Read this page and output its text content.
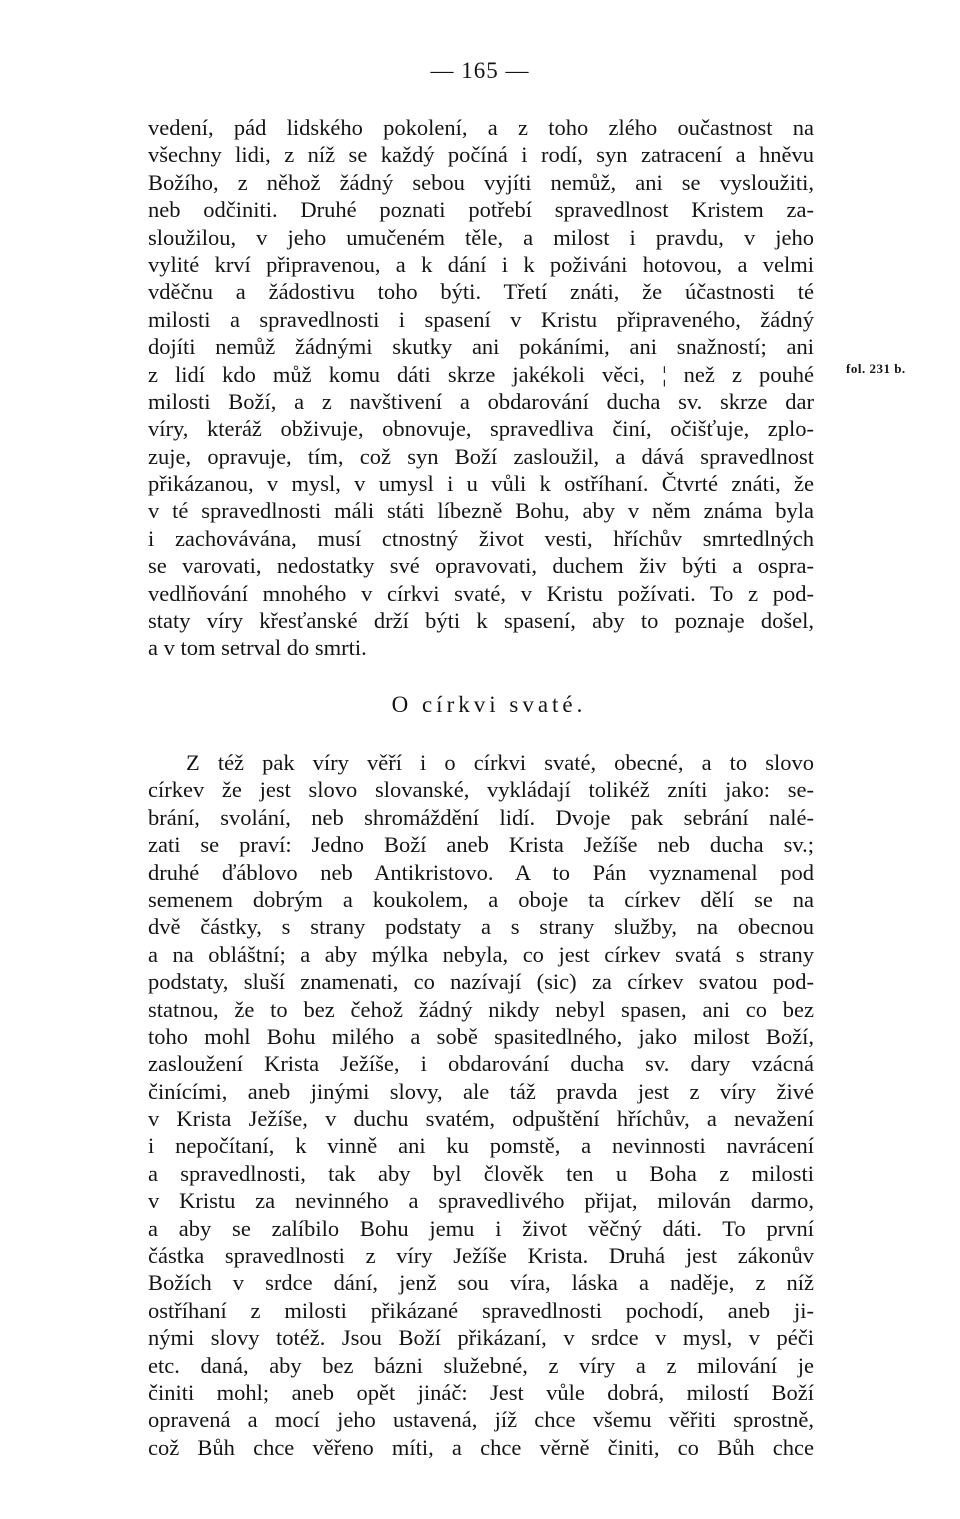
— 165 —
vedení, pád lidského pokolení, a z toho zlého oučastnost na
všechny lidi, z níž se každý počíná i rodí, syn zatracení a hněvu
Božího, z něhož žádný sebou vyjíti nemůž, ani se vysloužiti,
neb odčiniti. Druhé poznati potřebí spravedlnost Kristem za-
sloužilou, v jeho umučeném těle, a milost i pravdu, v jeho
vylité krví připravenou, a k dání i k poživáni hotovou, a velmi
vděčnu a žádostivu toho býti. Třetí znáti, že účastnosti té
milosti a spravedlnosti i spasení v Kristu připraveného, žádný
dojíti nemůž žádnými skutky ani pokáními, ani snažností; ani
z lidí kdo můž komu dáti skrze jakékoli věci, ¦ než z pouhé
milosti Boží, a z navštivení a obdarování ducha sv. skrze dar
víry, kteráž obživuje, obnovuje, spravedliva činí, očišťuje, zplo-
zuje, opravuje, tím, což syn Boží zasloužil, a dává spravedlnost
přikázanou, v mysl, v umysl i u vůli k ostříhaní. Čtvrté znáti, že
v té spravedlnosti máli státi líbezně Bohu, aby v něm známa byla
i zachovávána, musí ctnostný život vesti, hříchův smrtedlných
se varovati, nedostatky své opravovati, duchem živ býti a ospra-
vedlňování mnohého v církvi svaté, v Kristu požívati. To z pod-
staty víry křesťanské drží býti k spasení, aby to poznaje došel,
a v tom setrval do smrti.
fol. 231 b.
O církvi svaté.
Z též pak víry věří i o církvi svaté, obecné, a to slovo
církev že jest slovo slovanské, vykládají tolikéž zníti jako: se-
brání, svolání, neb shromáždění lidí. Dvoje pak sebrání nalé-
zati se praví: Jedno Boží aneb Krista Ježíše neb ducha sv.;
druhé ďáblovo neb Antikristovo. A to Pán vyznamenal pod
semenem dobrým a koukolem, a oboje ta církev dělí se na
dvě částky, s strany podstaty a s strany služby, na obecnou
a na obláštní; a aby mýlka nebyla, co jest církev svatá s strany
podstaty, sluší znamenati, co nazívají (sic) za církev svatou pod-
statnou, že to bez čehož žádný nikdy nebyl spasen, ani co bez
toho mohl Bohu milého a sobě spasitedlného, jako milost Boží,
zasloužení Krista Ježíše, i obdarování ducha sv. dary vzácná
činícími, aneb jinými slovy, ale táž pravda jest z víry živé
v Krista Ježíše, v duchu svatém, odpuštění hříchův, a nevažení
i nepočítaní, k vinně ani ku pomstě, a nevinnosti navrácení
a spravedlnosti, tak aby byl člověk ten u Boha z milosti
v Kristu za nevinného a spravedlivého přijat, milován darmo,
a aby se zalíbilo Bohu jemu i život věčný dáti. To první
částka spravedlnosti z víry Ježíše Krista. Druhá jest zákonův
Božích v srdce dání, jenž sou víra, láska a naděje, z níž
ostříhaní z milosti přikázané spravedlnosti pochodí, aneb ji-
nými slovy totéž. Jsou Boží přikázaní, v srdce v mysl, v péči
etc. daná, aby bez bázni služebné, z víry a z milování je
činiti mohl; aneb opět jináč: Jest vůle dobrá, milostí Boží
opravená a mocí jeho ustavená, jíž chce všemu věřiti sprostně,
což Bůh chce věřeno míti, a chce věrně činiti, co Bůh chce
